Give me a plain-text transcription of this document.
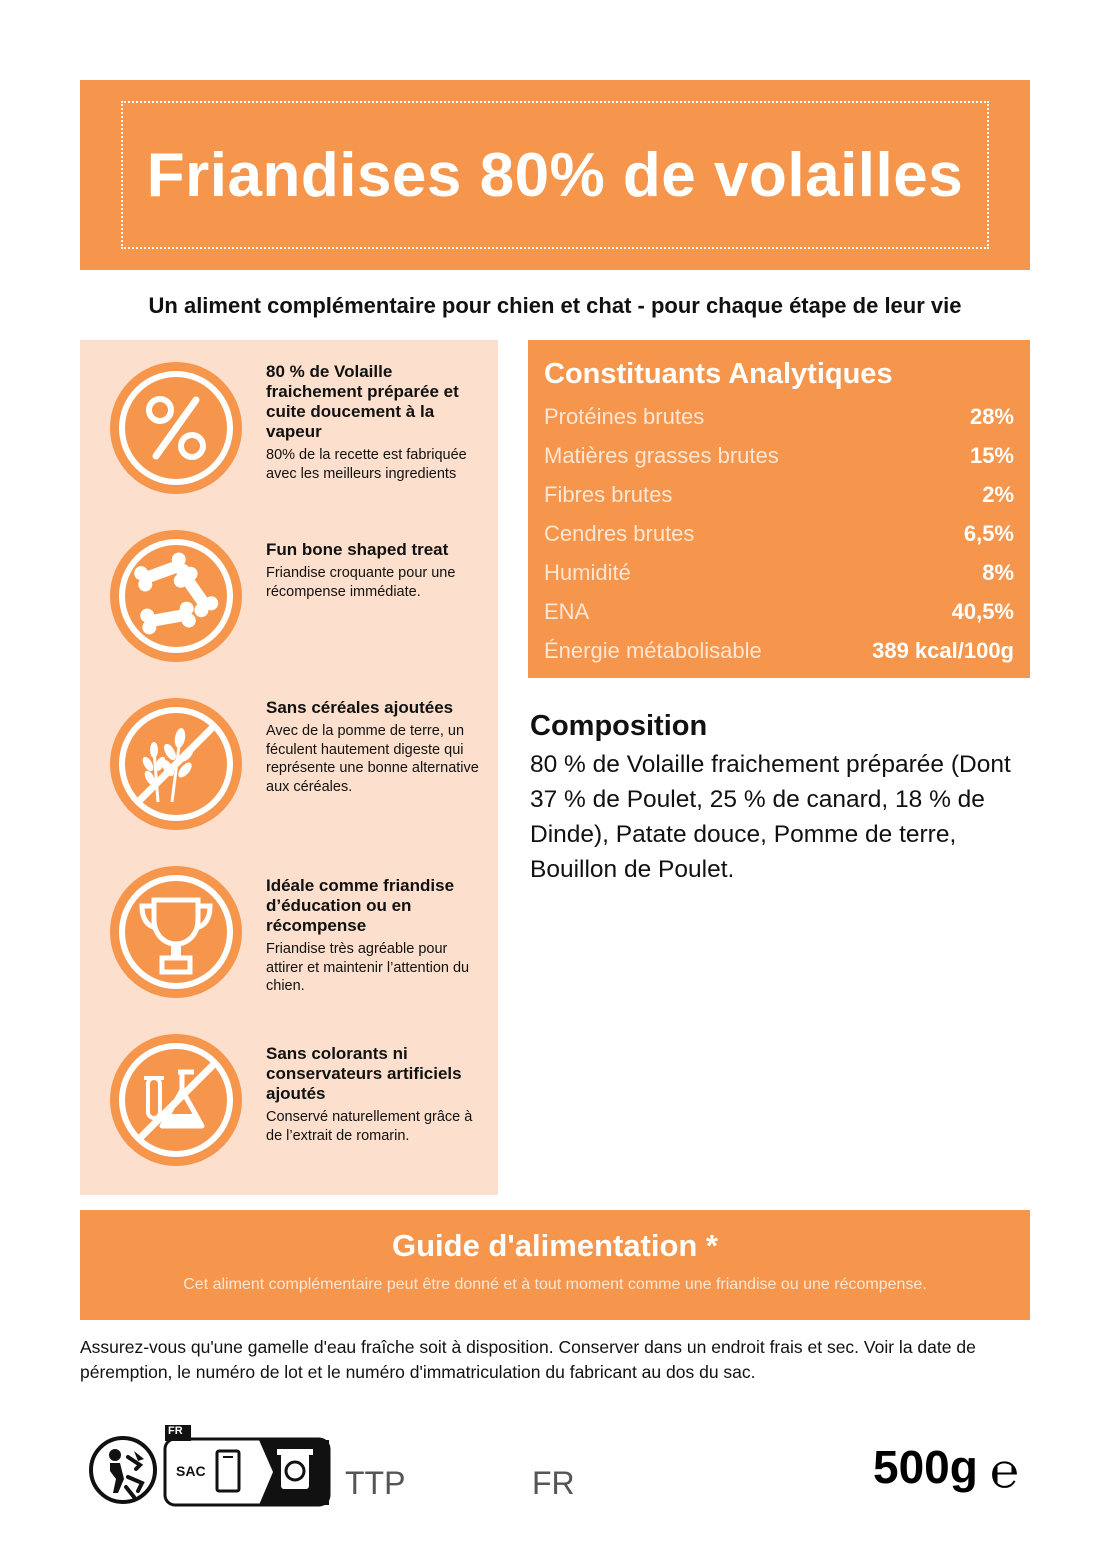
Friandises 80% de volailles
Un aliment complémentaire pour chien et chat - pour chaque étape de leur vie
80 % de Volaille fraichement préparée et cuite doucement à la vapeur
80% de la recette est fabriquée avec les meilleurs ingredients
Fun bone shaped treat
Friandise croquante pour une récompense immédiate.
Sans céréales ajoutées
Avec de la pomme de terre, un féculent hautement digeste qui représente une bonne alternative aux céréales.
Idéale comme friandise d’éducation ou en récompense
Friandise très agréable pour attirer et maintenir l’attention du chien.
Sans colorants ni conservateurs artificiels ajoutés
Conservé naturellement grâce à de l’extrait de romarin.
Constituants Analytiques
Protéines brutes	28%
Matières grasses brutes	15%
Fibres brutes	2%
Cendres brutes	6,5%
Humidité	8%
ENA	40,5%
Énergie métabolisable	389 kcal/100g
Composition
80 % de Volaille fraichement préparée (Dont 37 % de Poulet, 25 % de canard, 18 % de Dinde), Patate douce, Pomme de terre, Bouillon de Poulet.
Guide d'alimentation *
Cet aliment complémentaire peut être donné et à tout moment comme une friandise ou une récompense.
Assurez-vous qu'une gamelle d'eau fraîche soit à disposition. Conserver dans un endroit frais et sec. Voir la date de péremption, le numéro de lot et le numéro d'immatriculation du fabricant au dos du sac.
FR
SAC	TTP	FR	500g ℮
